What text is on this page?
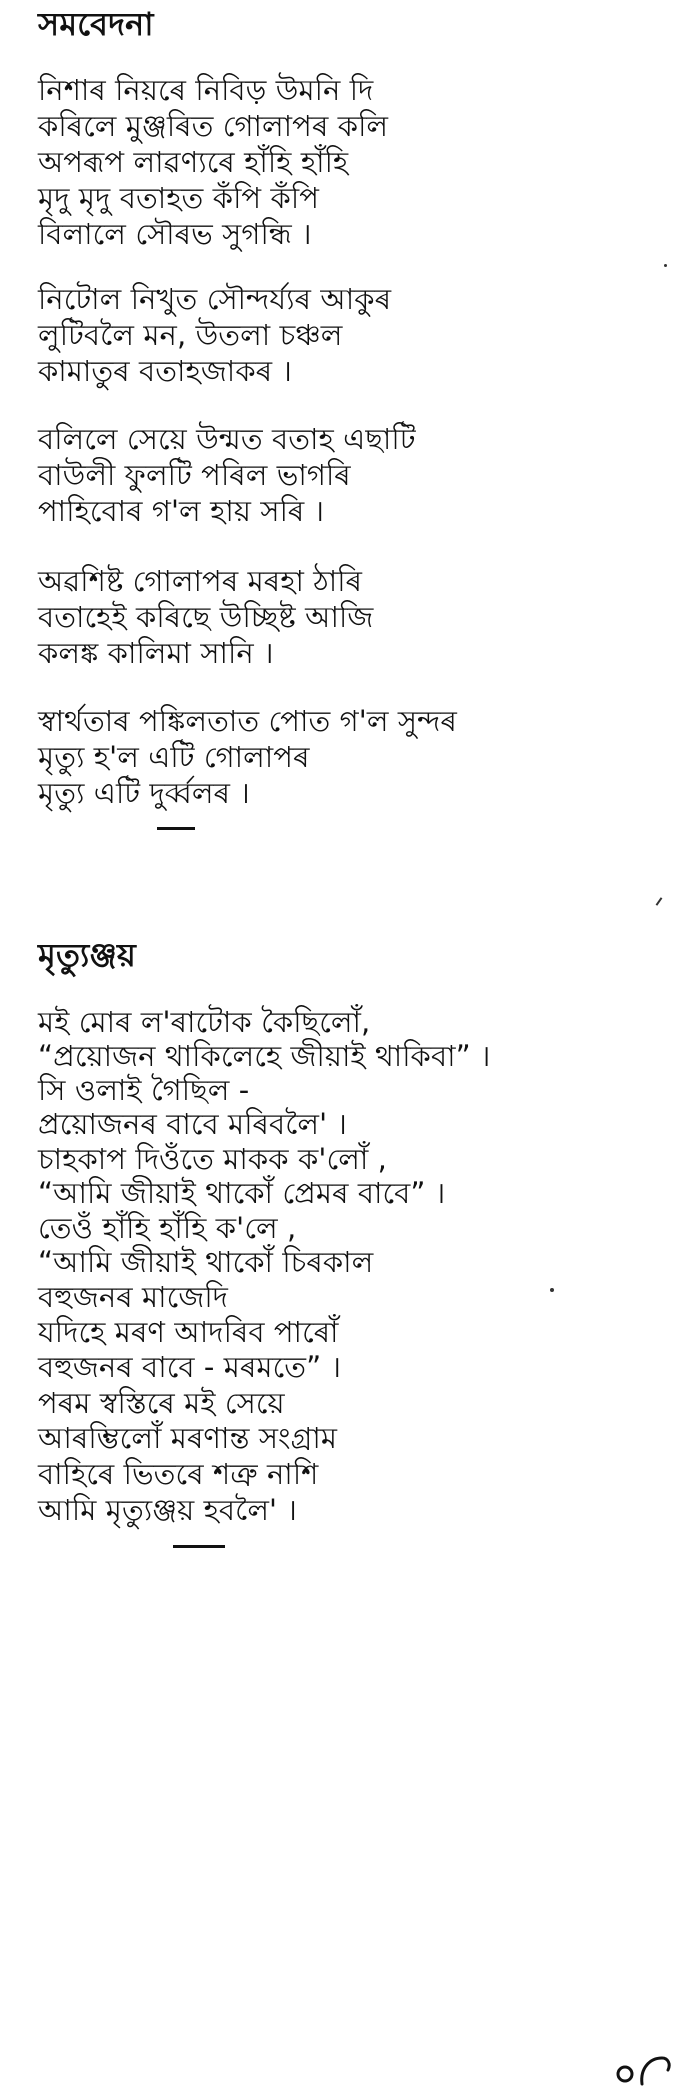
সমবেদনা
নিশাৰ নিয়ৰে নিবিড় উমনি দি
কৰিলে মুঞ্জৰিত গোলাপৰ কলি
অপৰূপ লাৱণ্যৰে হাঁহি হাঁহি
মৃদু মৃদু বতাহত কঁপি কঁপি
বিলালে সৌৰভ সুগন্ধি ।
নিটোল নিখুত সৌন্দৰ্য্যৰ আকুৰ
লুটিবলৈ মন, উতলা চঞ্চল
কামাতুৰ বতাহজাকৰ ।
বলিলে সেয়ে উন্মত বতাহ এছাটি
বাউলী ফুলটি পৰিল ভাগৰি
পাহিবোৰ গ'ল হায় সৰি ।
অৱশিষ্ট গোলাপৰ মৰহা ঠাৰি
বতাহেই কৰিছে উচ্ছিষ্ট আজি
কলঙ্ক কালিমা সানি ।
স্বাৰ্থতাৰ পঙ্কিলতাত পোত গ'ল সুন্দৰ
মৃত্যু হ'ল এটি গোলাপৰ
মৃত্যু এটি দুৰ্ব্বলৰ ।
মৃত্যুঞ্জয়
মই মোৰ ল'ৰাটোক কৈছিলোঁ,
“প্ৰয়োজন থাকিলেহে জীয়াই থাকিবা” ।
সি ওলাই গৈছিল -
প্ৰয়োজনৰ বাবে মৰিবলৈ' ।
চাহকাপ দিওঁতে মাকক ক'লোঁ ,
“আমি জীয়াই থাকোঁ প্ৰেমৰ বাবে” ।
তেওঁ হাঁহি হাঁহি ক'লে ,
“আমি জীয়াই থাকোঁ চিৰকাল
বহুজনৰ মাজেদি
যদিহে মৰণ আদৰিব পাৰোঁ
বহুজনৰ বাবে - মৰমতে” ।
পৰম স্বস্তিৰে মই সেয়ে
আৰম্ভিলোঁ মৰণান্ত সংগ্ৰাম
বাহিৰে ভিতৰে শত্ৰু নাশি
আমি মৃত্যুঞ্জয় হবলৈ' ।
